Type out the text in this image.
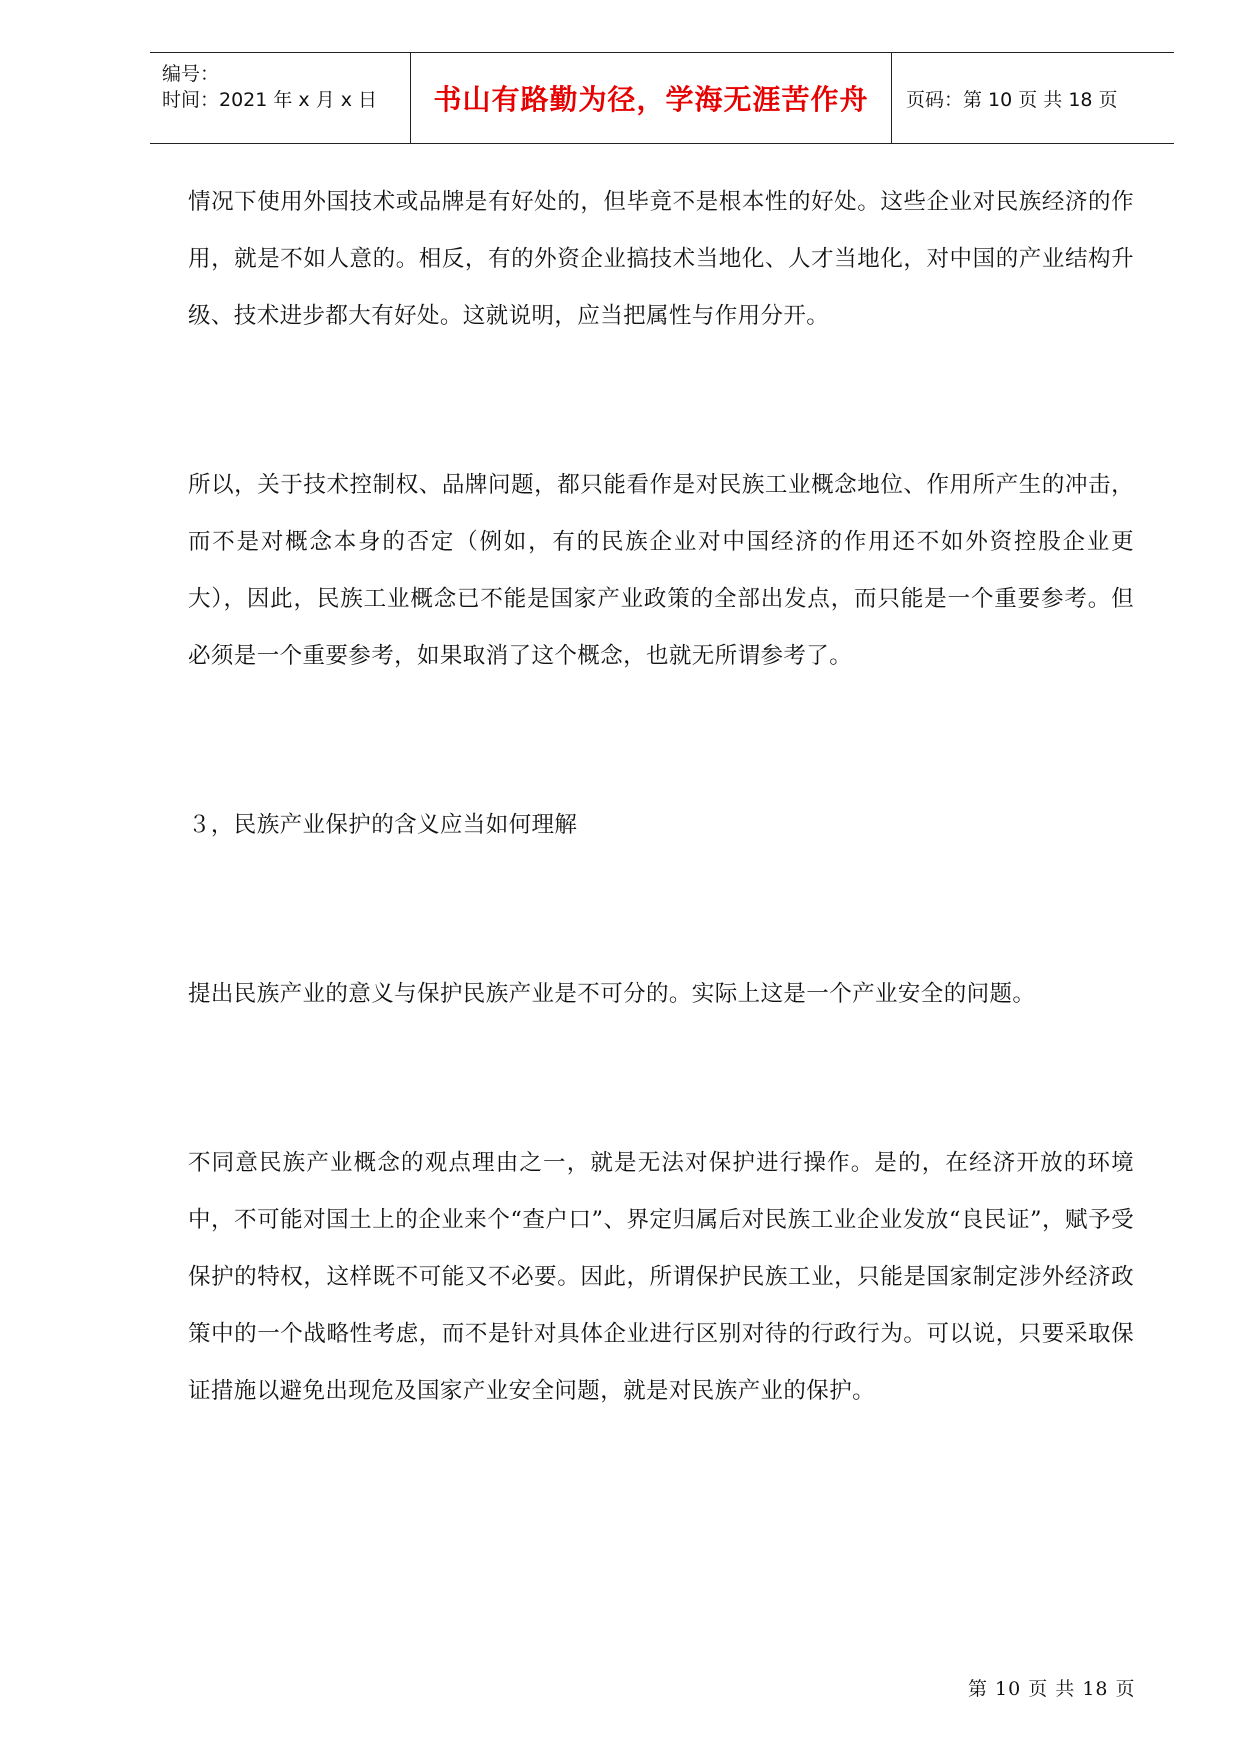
编号：
时间：2021 年 x 月 x 日 书山有路勤为径，学海无涯苦作舟 页码：第 10 页 共 18 页

情况下使用外国技术或品牌是有好处的，但毕竟不是根本性的好处。这些企业对民族经济的作用，就是不如人意的。相反，有的外资企业搞技术当地化、人才当地化，对中国的产业结构升级、技术进步都大有好处。这就说明，应当把属性与作用分开。

所以，关于技术控制权、品牌问题，都只能看作是对民族工业概念地位、作用所产生的冲击，而不是对概念本身的否定（例如，有的民族企业对中国经济的作用还不如外资控股企业更大），因此，民族工业概念已不能是国家产业政策的全部出发点，而只能是一个重要参考。但必须是一个重要参考，如果取消了这个概念，也就无所谓参考了。

３，民族产业保护的含义应当如何理解

提出民族产业的意义与保护民族产业是不可分的。实际上这是一个产业安全的问题。

不同意民族产业概念的观点理由之一，就是无法对保护进行操作。是的，在经济开放的环境中，不可能对国土上的企业来个“查户口”、界定归属后对民族工业企业发放“良民证”，赋予受保护的特权，这样既不可能又不必要。因此，所谓保护民族工业，只能是国家制定涉外经济政策中的一个战略性考虑，而不是针对具体企业进行区别对待的行政行为。可以说，只要采取保证措施以避免出现危及国家产业安全问题，就是对民族产业的保护。

第 10 页 共 18 页
